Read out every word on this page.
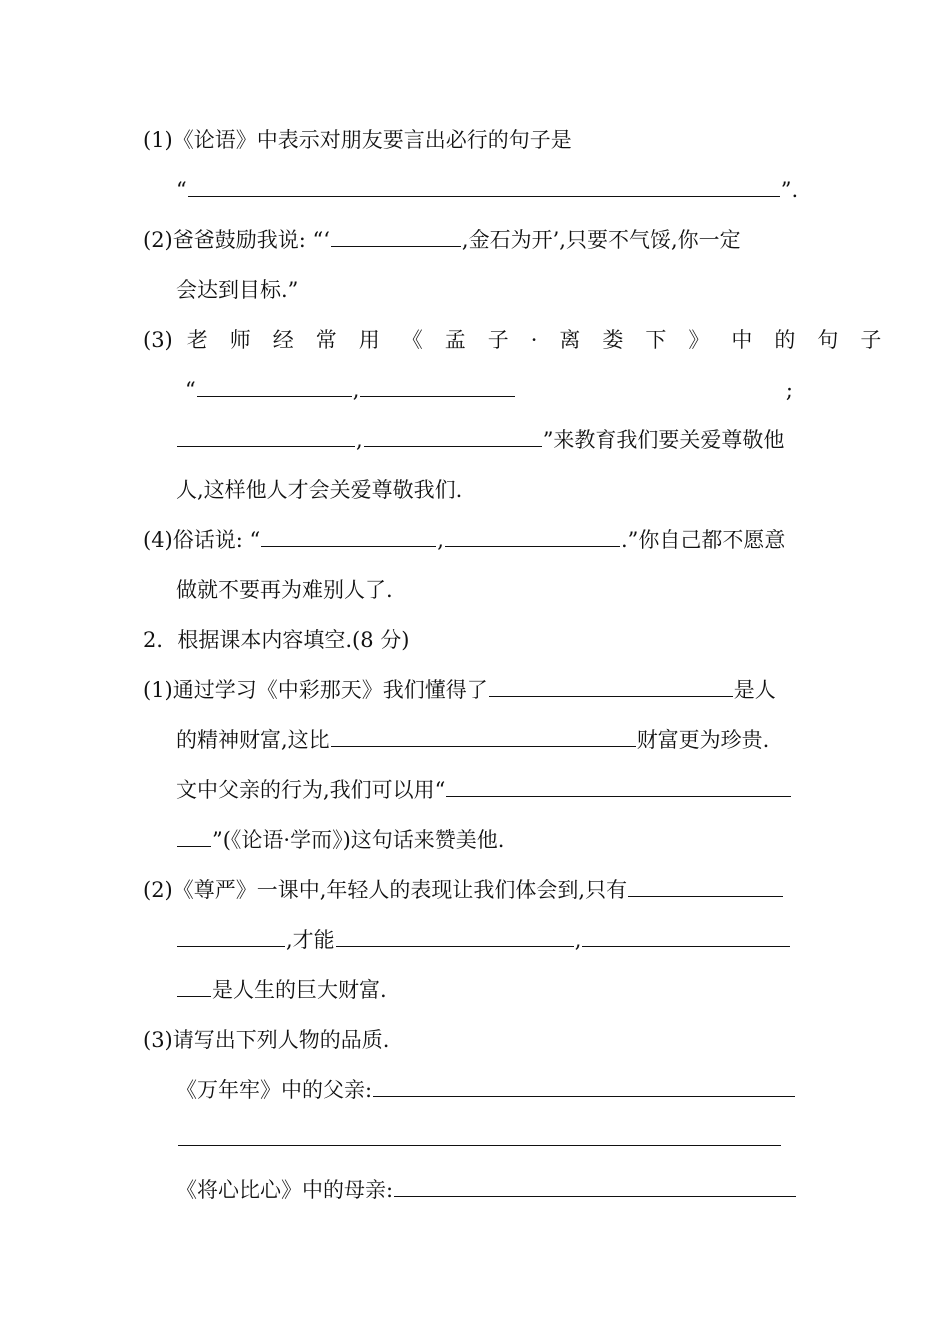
(1)《论语》中表示对朋友要言出必行的句子是
“	”.
(2)爸爸鼓励我说: “‘	,金石为开’,只要不气馁,你一定
会达到目标.”
(3) 老师经常用《孟子·离娄下》中的句子
“	,	;
,	”来教育我们要关爱尊敬他
人,这样他人才会关爱尊敬我们.
(4)俗话说: “	,	.”你自己都不愿意
做就不要再为难别人了.
2．根据课本内容填空.(8 分)
(1)通过学习《中彩那天》我们懂得了	是人
的精神财富,这比	财富更为珍贵.
文中父亲的行为,我们可以用“
”(《论语·学而》)这句话来赞美他.
(2)《尊严》一课中,年轻人的表现让我们体会到,只有
,才能	,
是人生的巨大财富.
(3)请写出下列人物的品质.
《万年牢》中的父亲:
《将心比心》中的母亲:
